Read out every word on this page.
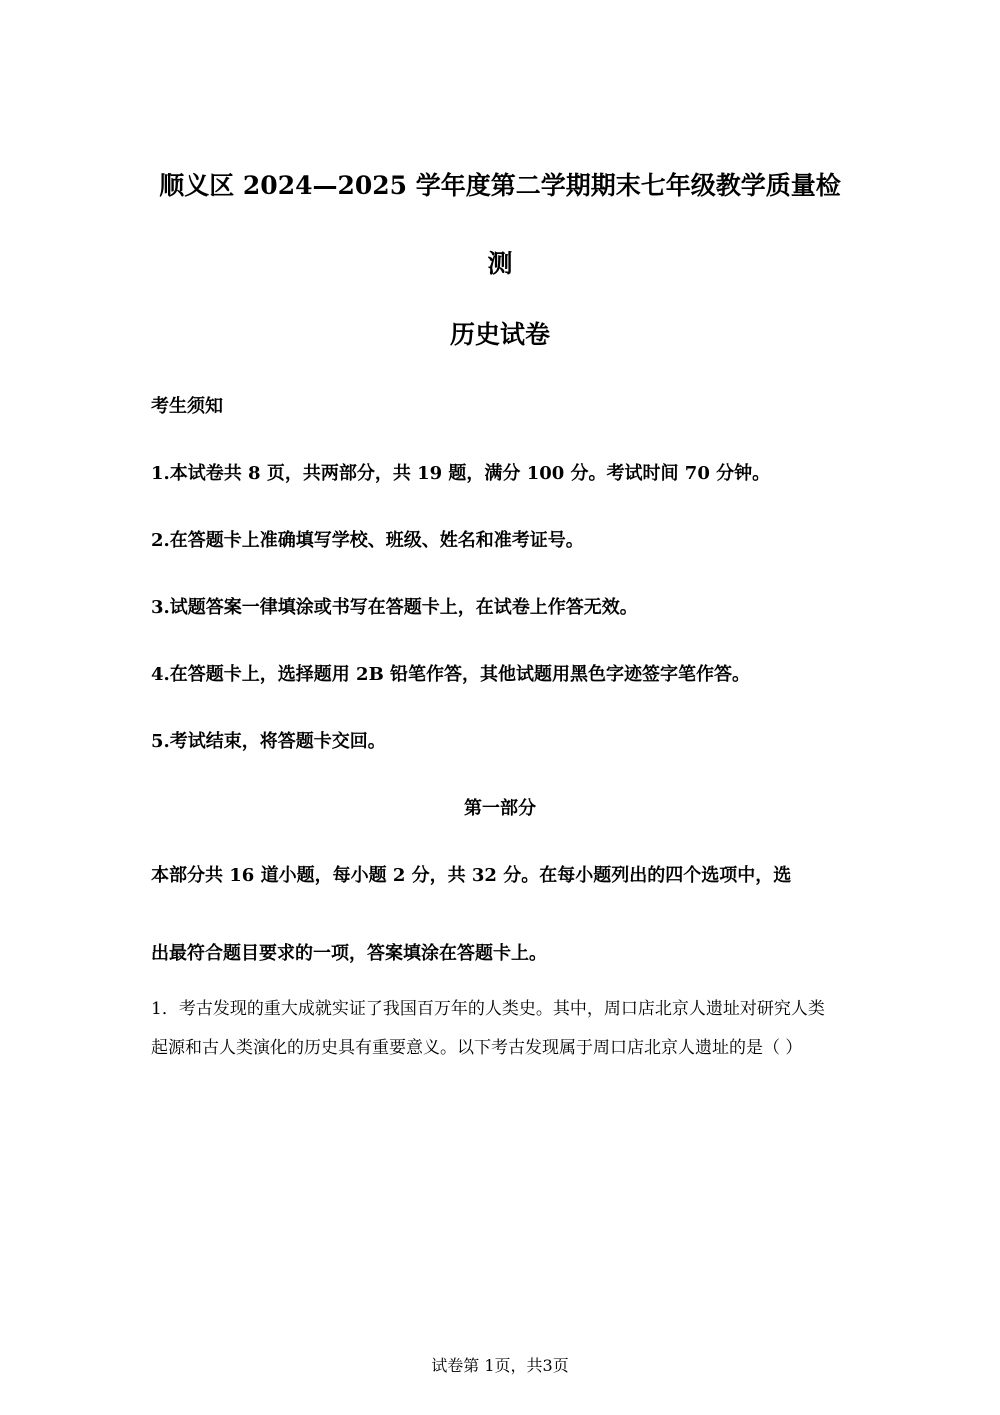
顺义区 2024—2025 学年度第二学期期末七年级教学质量检
测
历史试卷
考生须知
1.本试卷共 8 页，共两部分，共 19 题，满分 100 分。考试时间 70 分钟。
2.在答题卡上准确填写学校、班级、姓名和准考证号。
3.试题答案一律填涂或书写在答题卡上，在试卷上作答无效。
4.在答题卡上，选择题用 2B 铅笔作答，其他试题用黑色字迹签字笔作答。
5.考试结束，将答题卡交回。
第一部分
本部分共 16 道小题，每小题 2 分，共 32 分。在每小题列出的四个选项中，选
出最符合题目要求的一项，答案填涂在答题卡上。
1．考古发现的重大成就实证了我国百万年的人类史。其中，周口店北京人遗址对研究人类
起源和古人类演化的历史具有重要意义。以下考古发现属于周口店北京人遗址的是（ ）
试卷第 1页，共3页
